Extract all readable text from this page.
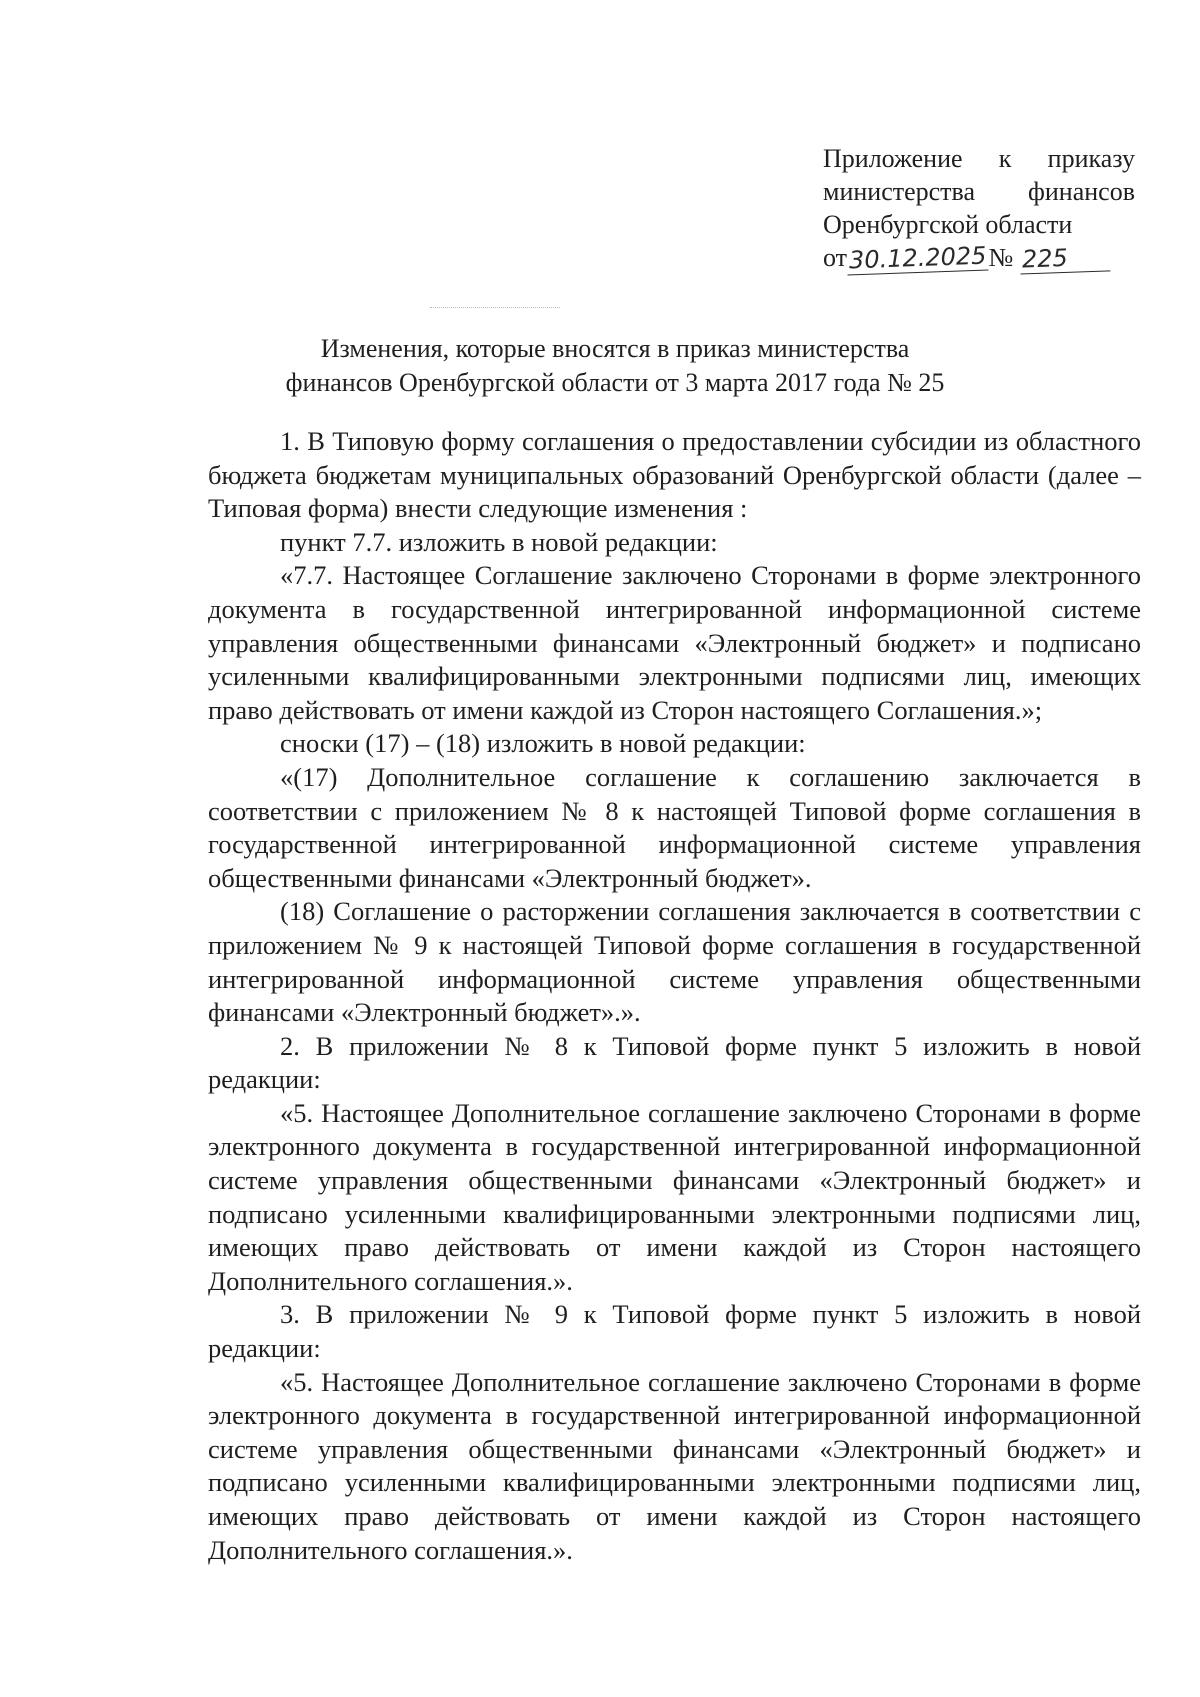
Приложение к приказу
министерства финансов
Оренбургской области
от30.12.2025№ 225
Изменения, которые вносятся в приказ министерства
финансов Оренбургской области от 3 марта 2017 года № 25

1. В Типовую форму соглашения о предоставлении субсидии из областного бюджета бюджетам муниципальных образований Оренбургской области (далее – Типовая форма) внести следующие изменения :

пункт 7.7. изложить в новой редакции:

«7.7. Настоящее Соглашение заключено Сторонами в форме электронного документа в государственной интегрированной информационной системе управления общественными финансами «Электронный бюджет» и подписано усиленными квалифицированными электронными подписями лиц, имеющих право действовать от имени каждой из Сторон настоящего Соглашения.»;

сноски (17) – (18) изложить в новой редакции:

«(17) Дополнительное соглашение к соглашению заключается в соответствии с приложением № 8 к настоящей Типовой форме соглашения в государственной интегрированной информационной системе управления общественными финансами «Электронный бюджет».

(18) Соглашение о расторжении соглашения заключается в соответствии с приложением № 9 к настоящей Типовой форме соглашения в государственной интегрированной информационной системе управления общественными финансами «Электронный бюджет».».

2. В приложении № 8 к Типовой форме пункт 5 изложить в новой редакции:

«5. Настоящее Дополнительное соглашение заключено Сторонами в форме электронного документа в государственной интегрированной информационной системе управления общественными финансами «Электронный бюджет» и подписано усиленными квалифицированными электронными подписями лиц, имеющих право действовать от имени каждой из Сторон настоящего Дополнительного соглашения.».

3. В приложении № 9 к Типовой форме пункт 5 изложить в новой редакции:

«5. Настоящее Дополнительное соглашение заключено Сторонами в форме электронного документа в государственной интегрированной информационной системе управления общественными финансами «Электронный бюджет» и подписано усиленными квалифицированными электронными подписями лиц, имеющих право действовать от имени каждой из Сторон настоящего Дополнительного соглашения.».
